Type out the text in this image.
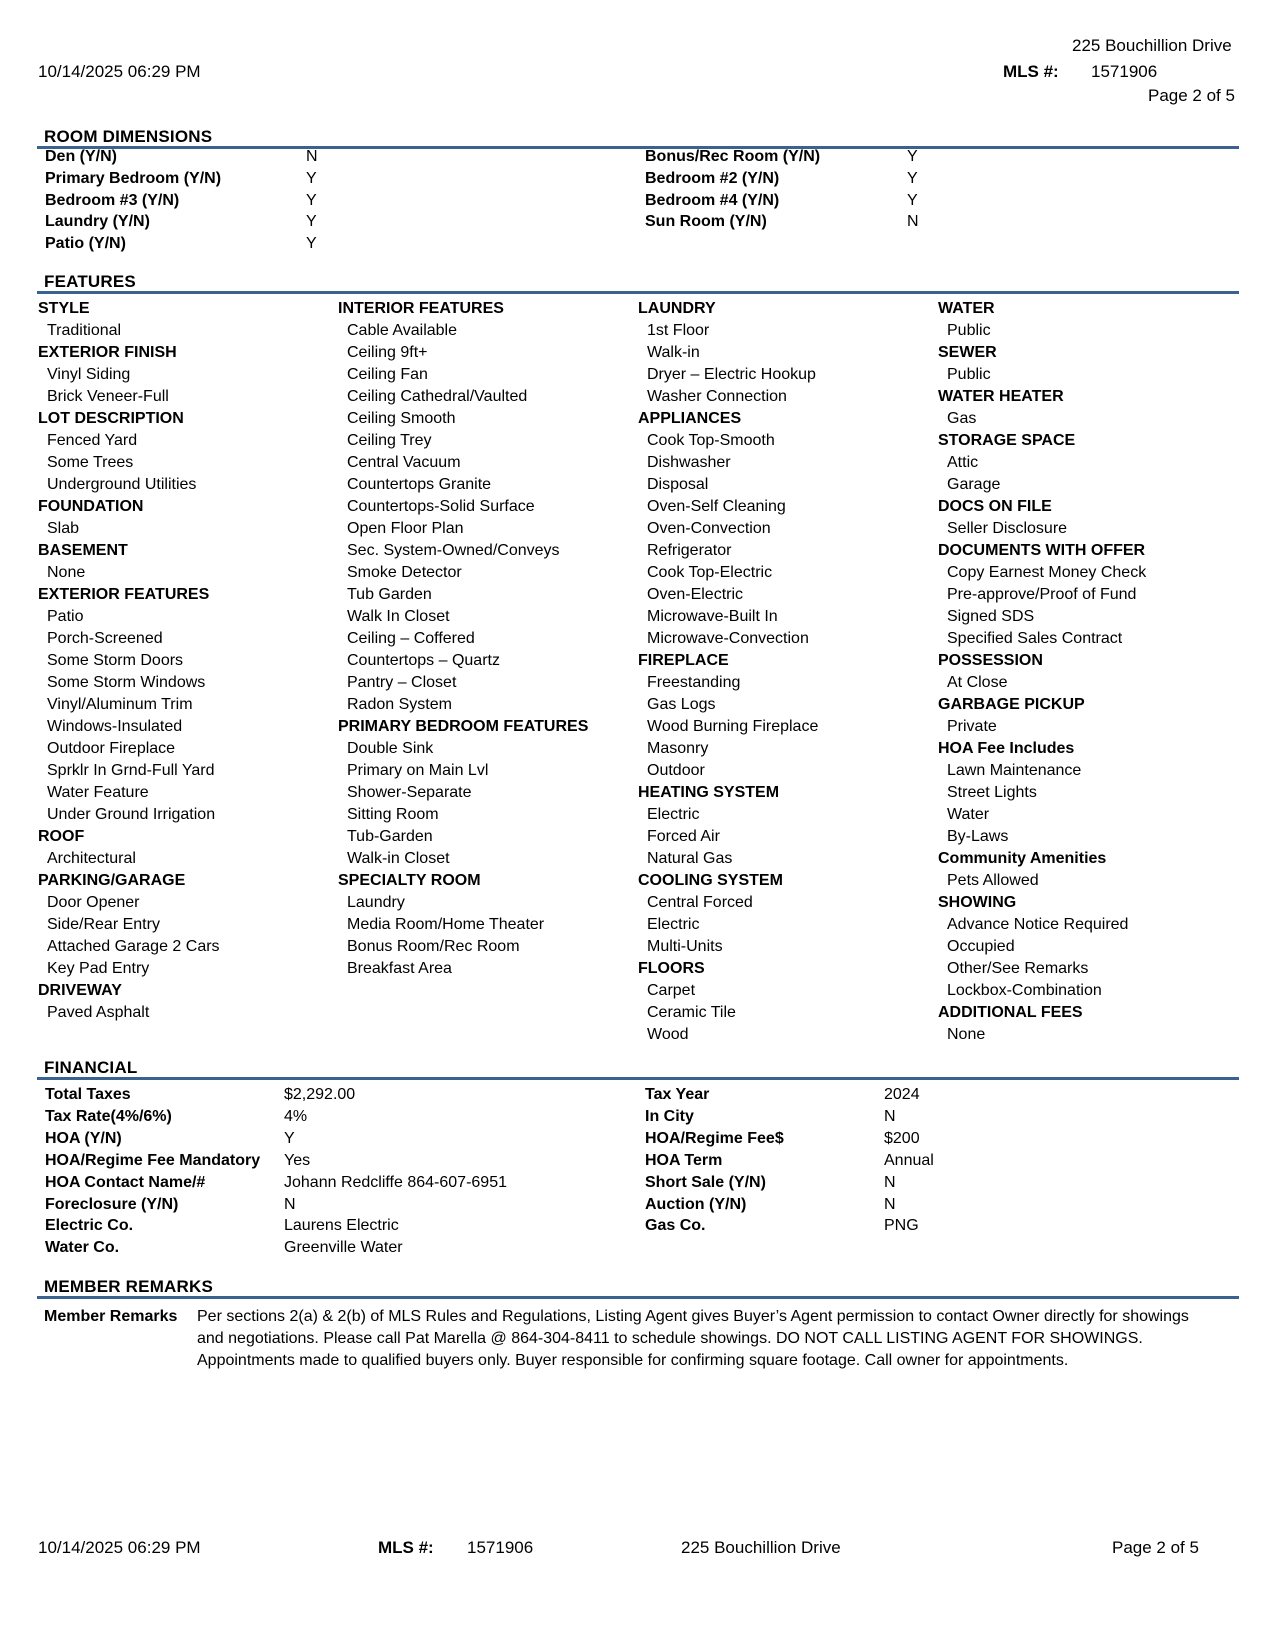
225 Bouchillion Drive
10/14/2025 06:29 PM	MLS #: 1571906
Page 2 of 5
ROOM DIMENSIONS
Den (Y/N)	N
Primary Bedroom (Y/N)	Y
Bedroom #3 (Y/N)	Y
Laundry (Y/N)	Y
Patio (Y/N)	Y
Bonus/Rec Room (Y/N)	Y
Bedroom #2 (Y/N)	Y
Bedroom #4 (Y/N)	Y
Sun Room (Y/N)	N
FEATURES
STYLE
Traditional
EXTERIOR FINISH
Vinyl Siding
Brick Veneer-Full
LOT DESCRIPTION
Fenced Yard
Some Trees
Underground Utilities
FOUNDATION
Slab
BASEMENT
None
EXTERIOR FEATURES
Patio
Porch-Screened
Some Storm Doors
Some Storm Windows
Vinyl/Aluminum Trim
Windows-Insulated
Outdoor Fireplace
Sprklr In Grnd-Full Yard
Water Feature
Under Ground Irrigation
ROOF
Architectural
PARKING/GARAGE
Door Opener
Side/Rear Entry
Attached Garage 2 Cars
Key Pad Entry
DRIVEWAY
Paved Asphalt
INTERIOR FEATURES
Cable Available
Ceiling 9ft+
Ceiling Fan
Ceiling Cathedral/Vaulted
Ceiling Smooth
Ceiling Trey
Central Vacuum
Countertops Granite
Countertops-Solid Surface
Open Floor Plan
Sec. System-Owned/Conveys
Smoke Detector
Tub Garden
Walk In Closet
Ceiling – Coffered
Countertops – Quartz
Pantry – Closet
Radon System
PRIMARY BEDROOM FEATURES
Double Sink
Primary on Main Lvl
Shower-Separate
Sitting Room
Tub-Garden
Walk-in Closet
SPECIALTY ROOM
Laundry
Media Room/Home Theater
Bonus Room/Rec Room
Breakfast Area
LAUNDRY
1st Floor
Walk-in
Dryer – Electric Hookup
Washer Connection
APPLIANCES
Cook Top-Smooth
Dishwasher
Disposal
Oven-Self Cleaning
Oven-Convection
Refrigerator
Cook Top-Electric
Oven-Electric
Microwave-Built In
Microwave-Convection
FIREPLACE
Freestanding
Gas Logs
Wood Burning Fireplace
Masonry
Outdoor
HEATING SYSTEM
Electric
Forced Air
Natural Gas
COOLING SYSTEM
Central Forced
Electric
Multi-Units
FLOORS
Carpet
Ceramic Tile
Wood
WATER
Public
SEWER
Public
WATER HEATER
Gas
STORAGE SPACE
Attic
Garage
DOCS ON FILE
Seller Disclosure
DOCUMENTS WITH OFFER
Copy Earnest Money Check
Pre-approve/Proof of Fund
Signed SDS
Specified Sales Contract
POSSESSION
At Close
GARBAGE PICKUP
Private
HOA Fee Includes
Lawn Maintenance
Street Lights
Water
By-Laws
Community Amenities
Pets Allowed
SHOWING
Advance Notice Required
Occupied
Other/See Remarks
Lockbox-Combination
ADDITIONAL FEES
None
FINANCIAL
Total Taxes	$2,292.00
Tax Rate(4%/6%)	4%
HOA (Y/N)	Y
HOA/Regime Fee Mandatory Yes
HOA Contact Name/#	Johann Redcliffe 864-607-6951
Foreclosure (Y/N)	N
Electric Co.	Laurens Electric
Water Co.	Greenville Water
Tax Year	2024
In City	N
HOA/Regime Fee$	$200
HOA Term	Annual
Short Sale (Y/N)	N
Auction (Y/N)	N
Gas Co.	PNG
MEMBER REMARKS
Member Remarks Per sections 2(a) & 2(b) of MLS Rules and Regulations, Listing Agent gives Buyer’s Agent permission to contact Owner directly for showings and negotiations. Please call Pat Marella @ 864-304-8411 to schedule showings. DO NOT CALL LISTING AGENT FOR SHOWINGS. Appointments made to qualified buyers only. Buyer responsible for confirming square footage. Call owner for appointments.
10/14/2025 06:29 PM	MLS #: 1571906	225 Bouchillion Drive	Page 2 of 5
